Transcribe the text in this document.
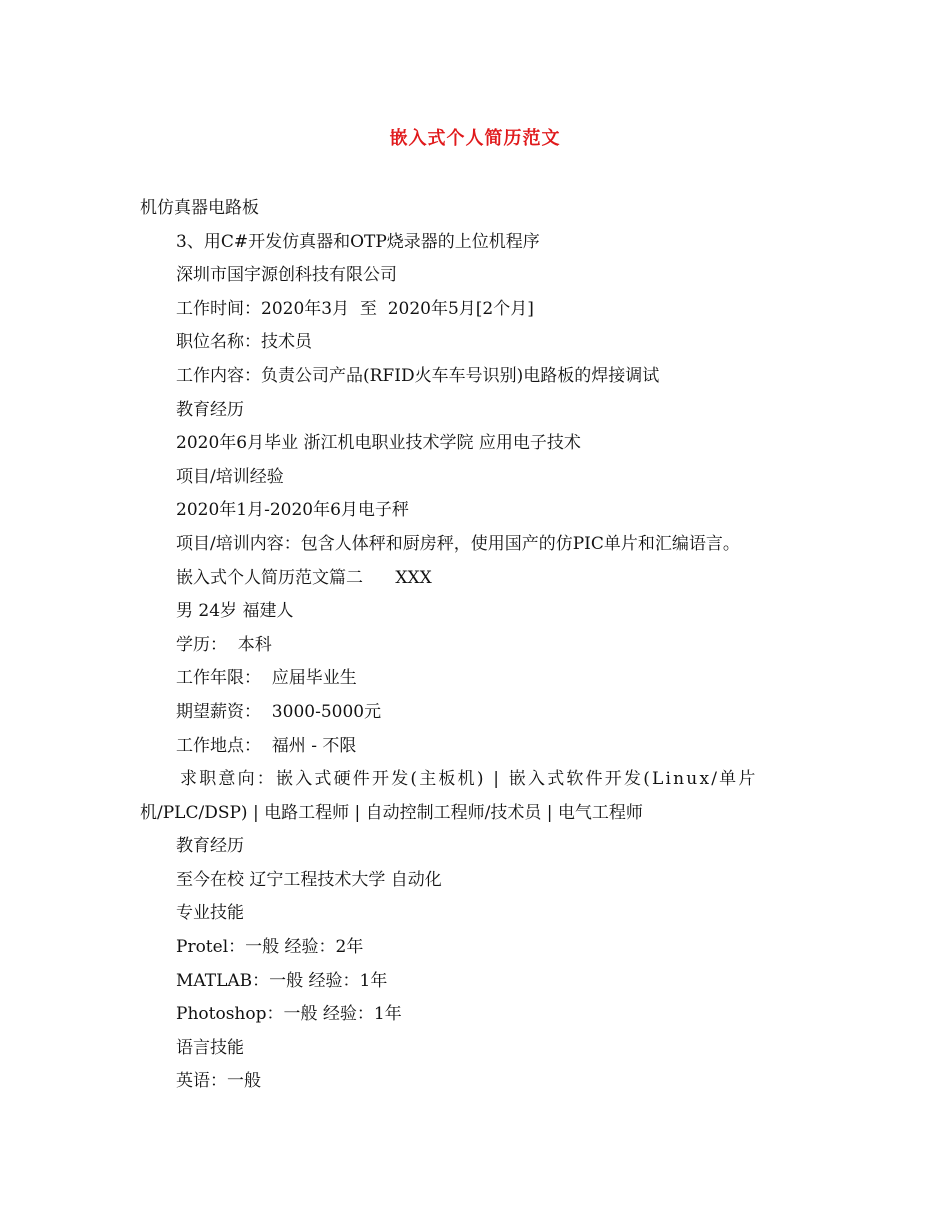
嵌入式个人简历范文
机仿真器电路板
3、用C#开发仿真器和OTP烧录器的上位机程序
深圳市国宇源创科技有限公司
工作时间：2020年3月  至  2020年5月[2个月]
职位名称：技术员
工作内容：负责公司产品(RFID火车车号识别)电路板的焊接调试
教育经历
2020年6月毕业 浙江机电职业技术学院 应用电子技术
项目/培训经验
2020年1月-2020年6月电子秤
项目/培训内容：包含人体秤和厨房秤，使用国产的仿PIC单片和汇编语言。
嵌入式个人简历范文篇二      XXX
男 24岁 福建人
学历：  本科
工作年限：  应届毕业生
期望薪资：  3000-5000元
工作地点：  福州 - 不限
求职意向：嵌入式硬件开发(主板机) | 嵌入式软件开发(Linux/单片
机/PLC/DSP) | 电路工程师 | 自动控制工程师/技术员 | 电气工程师
教育经历
至今在校 辽宁工程技术大学 自动化
专业技能
Protel：一般 经验：2年
MATLAB：一般 经验：1年
Photoshop：一般 经验：1年
语言技能
英语：一般
